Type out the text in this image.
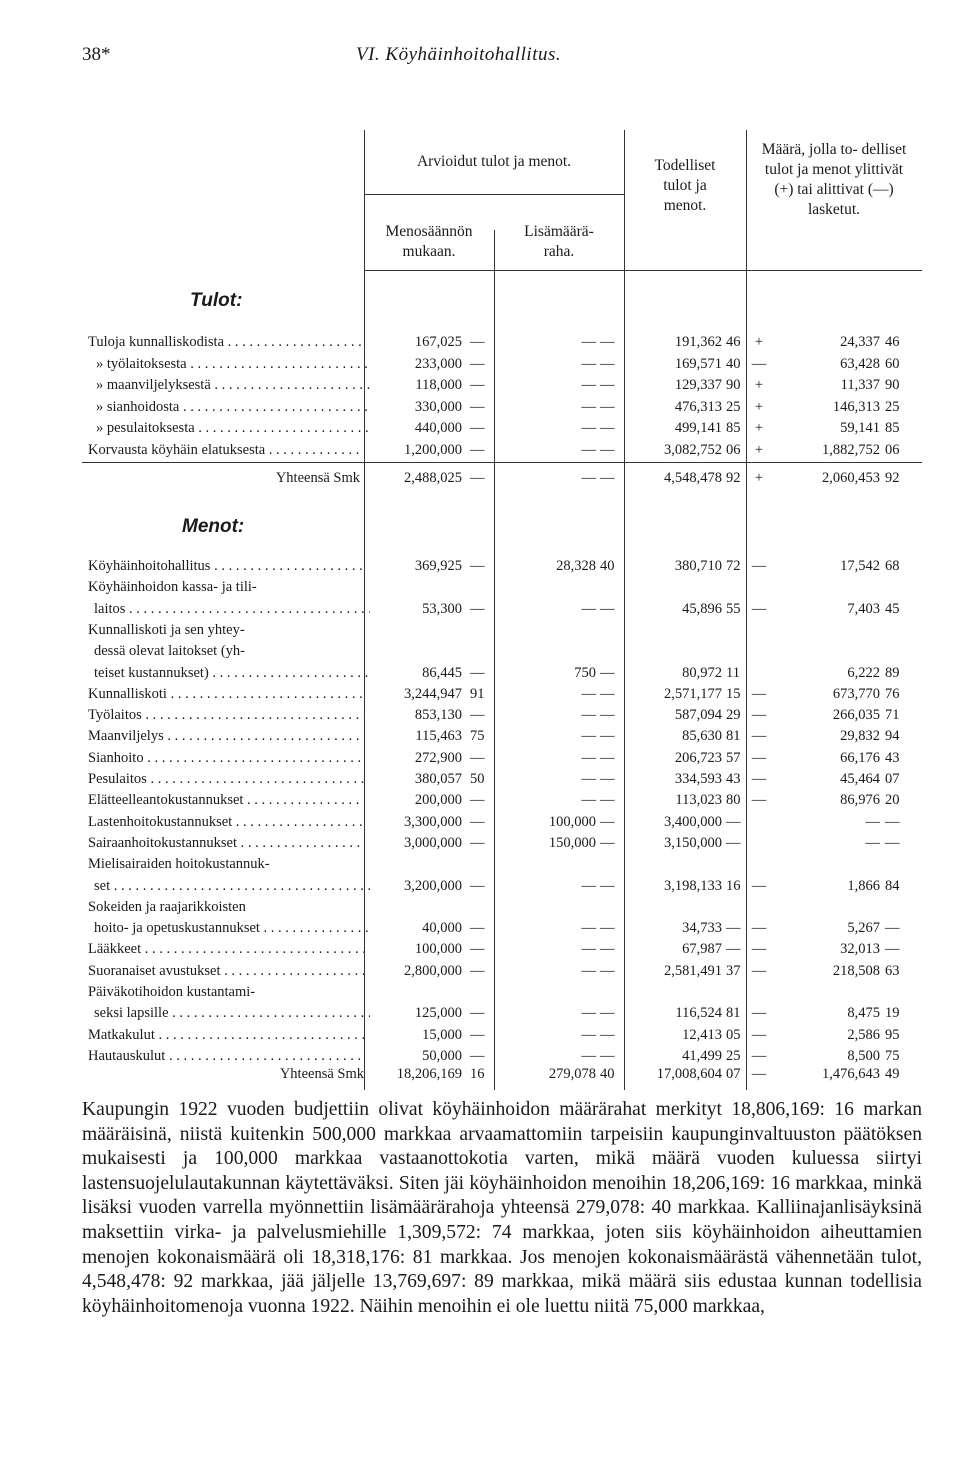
38*	VI. Köyhäinhoitohallitus.
Arvioidut tulot ja menot.
Menosäännön mukaan.
Lisämäärä- raha.
Todelliset tulot ja menot.
Määrä, jolla to- delliset tulot ja menot ylittivät (+) tai alittivat (—) lasketut.
Tulot:
Tuloja kunnalliskodista . . .	167,025 —	— —	191,362 46 +	24,337 46
» työlaitoksesta . . .	233,000 —	— —	169,571 40 —	63,428 60
» maanviljelyksestä . . .	118,000 —	— —	129,337 90 +	11,337 90
» sianhoidosta . . .	330,000 —	— —	476,313 25 +	146,313 25
» pesulaitoksesta . . .	440,000 —	— —	499,141 85 +	59,141 85
Korvausta köyhäin elatuksesta . . .	1,200,000 —	— —	3,082,752 06 +	1,882,752 06
Yhteensä Smk	2,488,025 —	— —	4,548,478 92 +	2,060,453 92
Menot:
Köyhäinhoitohallitus . . .	369,925 —	28,328 40	380,710 72 —	17,542 68
Köyhäinhoidon kassa- ja tili-
laitos . . .	53,300 —	— —	45,896 55 —	7,403 45
Kunnalliskoti ja sen yhtey-
dessä olevat laitokset (yh-
teiset kustannukset) . . .	86,445 —	750 —	80,972 11	6,222 89
Kunnalliskoti . . .	3,244,947 91	— —	2,571,177 15 —	673,770 76
Työlaitos . . .	853,130 —	— —	587,094 29 —	266,035 71
Maanviljelys . . .	115,463 75	— —	85,630 81 —	29,832 94
Sianhoito . . .	272,900 —	— —	206,723 57 —	66,176 43
Pesulaitos . . .	380,057 50	— —	334,593 43 —	45,464 07
Elätteelleantokustannukset . . .	200,000 —	— —	113,023 80 —	86,976 20
Lastenhoitokustannukset . . .	3,300,000 —	100,000 —	3,400,000 —	— —
Sairaanhoitokustannukset . . .	3,000,000 —	150,000 —	3,150,000 —	— —
Mielisairaiden hoitokustannuk-
set . . .	3,200,000 —	— —	3,198,133 16 —	1,866 84
Sokeiden ja raajarikkoisten
hoito- ja opetuskustannukset . . .	40,000 —	— —	34,733 — —	5,267 —
Lääkkeet . . .	100,000 —	— —	67,987 — —	32,013 —
Suoranaiset avustukset . . .	2,800,000 —	— —	2,581,491 37 —	218,508 63
Päiväkotihoidon kustantami-
seksi lapsille . . .	125,000 —	— —	116,524 81 —	8,475 19
Matkakulut . . .	15,000 —	— —	12,413 05 —	2,586 95
Hautauskulut . . .	50,000 —	— —	41,499 25 —	8,500 75
Yhteensä Smk	18,206,169 16	279,078 40	17,008,604 07 —	1,476,643 49
Kaupungin 1922 vuoden budjettiin olivat köyhäinhoidon määrärahat merkityt 18,806,169: 16 markan määräisinä, niistä kuitenkin 500,000 markkaa arvaamattomiin tarpeisiin kaupunginvaltuuston päätöksen mukaisesti ja 100,000 markkaa vastaanottokotia varten, mikä määrä vuoden kuluessa siirtyi lastensuojelulautakunnan käytettäväksi. Siten jäi köyhäinhoidon menoihin 18,206,169: 16 markkaa, minkä lisäksi vuoden varrella myönnettiin lisämäärärahoja yhteensä 279,078: 40 markkaa. Kalliinajanlisäyksinä maksettiin virka- ja palvelusmiehille 1,309,572: 74 markkaa, joten siis köyhäinhoidon aiheuttamien menojen kokonaismäärä oli 18,318,176: 81 markkaa. Jos menojen kokonaismäärästä vähennetään tulot, 4,548,478: 92 markkaa, jää jäljelle 13,769,697: 89 markkaa, mikä määrä siis edustaa kunnan todellisia köyhäinhoitomenoja vuonna 1922. Näihin menoihin ei ole luettu niitä 75,000 markkaa,
